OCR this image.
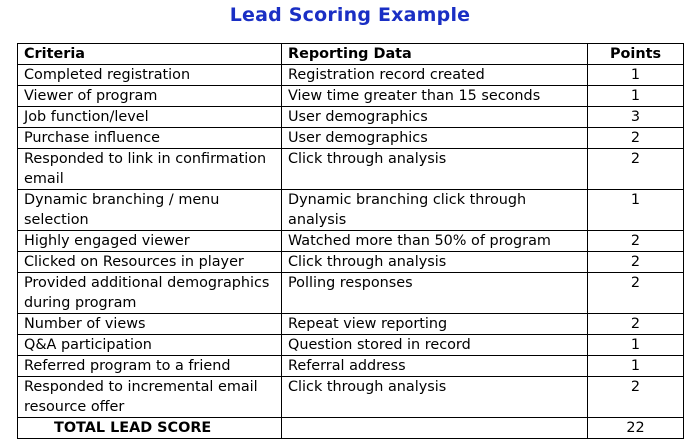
Lead Scoring Example
Criteria	Reporting Data	Points
Completed registration	Registration record created	1
Viewer of program	View time greater than 15 seconds	1
Job function/level	User demographics	3
Purchase influence	User demographics	2
Responded to link in confirmation email	Click through analysis	2
Dynamic branching / menu selection	Dynamic branching click through analysis	1
Highly engaged viewer	Watched more than 50% of program	2
Clicked on Resources in player	Click through analysis	2
Provided additional demographics during program	Polling responses	2
Number of views	Repeat view reporting	2
Q&A participation	Question stored in record	1
Referred program to a friend	Referral address	1
Responded to incremental email resource offer	Click through analysis	2
TOTAL LEAD SCORE		22
